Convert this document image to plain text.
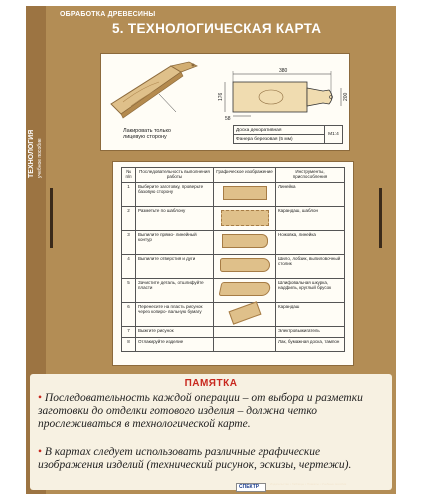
ТЕХНОЛОГИЯ учебное пособие
ОБРАБОТКА ДРЕВЕСИНЫ
5. ТЕХНОЛОГИЧЕСКАЯ КАРТА
380
176	200
58
Лакировать только лицевую сторону
Доска декоративная	М1:4
Фанера березовая (5 мм)
№ п/п	Последовательность выполнения работы	Графическое изображение	Инструменты, приспособления
1	Выберите заготовку, проверьте базовую сторону		Линейка
2	Разметьте по шаблону		Карандаш, шаблон
3	Выпилите прямо- линейный контур		Ножовка, линейка
4	Выпилите отверстия и дуги		Шило, лобзик, выпиловочный столик
5	Зачистите деталь, отшлифуйте пласти		Шлифовальная шкурка, надфиль, круглый брусок
6	Перенесите на пласть рисунок через копиро- вальную бумагу		Карандаш
7	Выжгите рисунок		Электровыжигатель
8	Отлакируйте изделие		Лак, бумажная доска, тампон
ПАМЯТКА

• Последовательность каждой операции – от выбора и разметки заготовки до отделки готового изделия – должна четко прослеживаться в технологической карте.

• В картах следует использовать различные графические изображения изделий (технический рисунок, эскизы, чертежи).

СПЕКТР	Издательство • Таблицы • Плакаты • Учебные пособия
